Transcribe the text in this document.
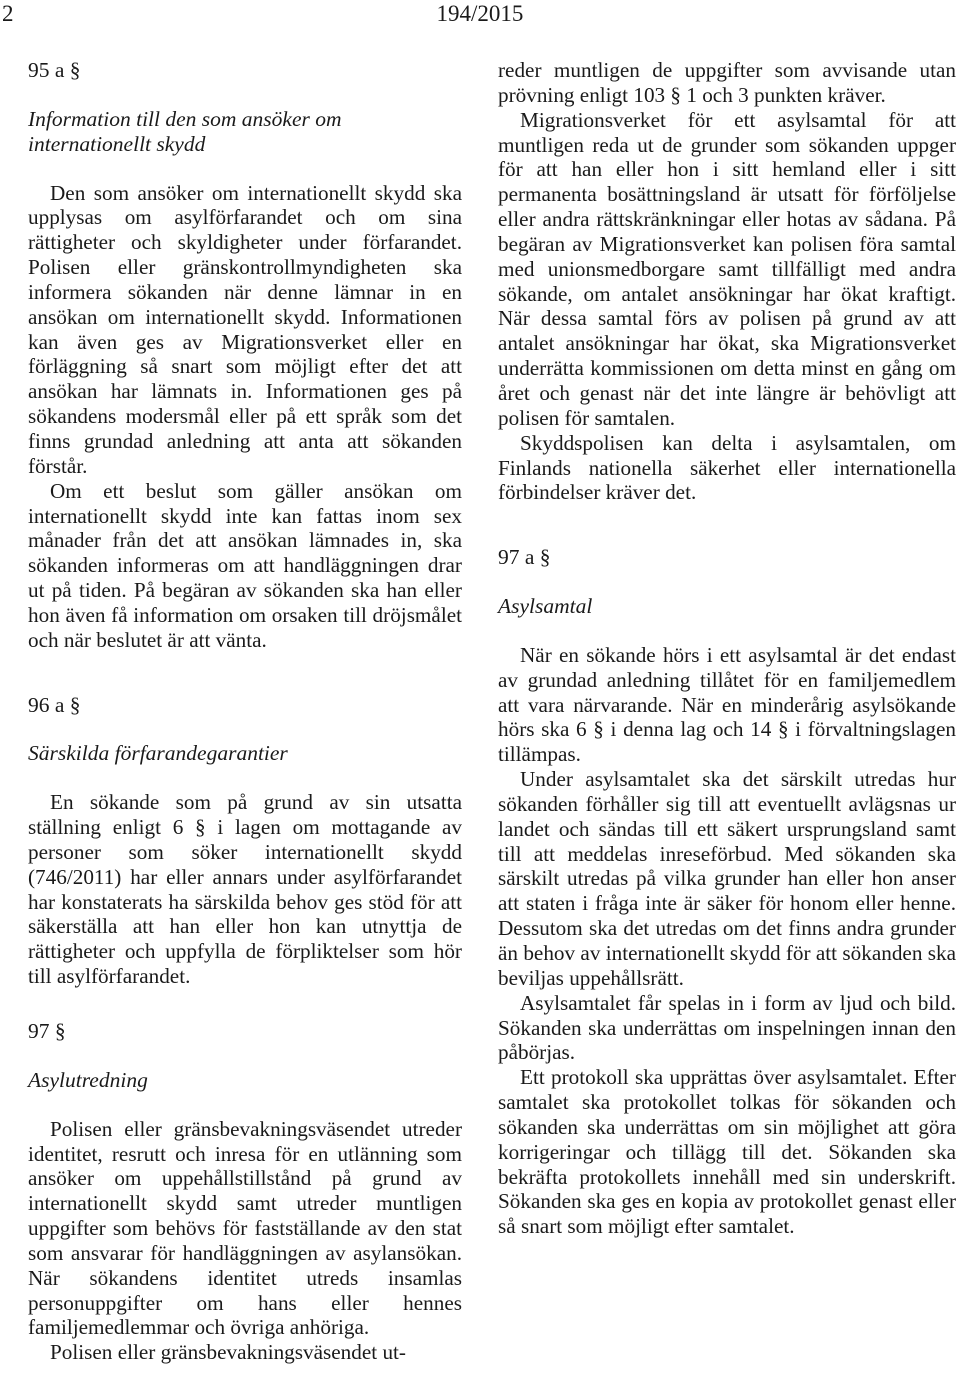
2	194/2015

95 a §

Information till den som ansöker om

internationellt skydd

Den som ansöker om internationellt skydd ska upplysas om asylförfarandet och om sina rättigheter och skyldigheter under förfarandet. Polisen eller gränskontrollmyndigheten ska informera sökanden när denne lämnar in en ansökan om internationellt skydd. Informationen kan även ges av Migrationsverket eller en förläggning så snart som möjligt efter det att ansökan har lämnats in. Informationen ges på sökandens modersmål eller på ett språk som det finns grundad anledning att anta att sökanden förstår.

Om ett beslut som gäller ansökan om internationellt skydd inte kan fattas inom sex månader från det att ansökan lämnades in, ska sökanden informeras om att handläggningen drar ut på tiden. På begäran av sökanden ska han eller hon även få information om orsaken till dröjsmålet och när beslutet är att vänta.

96 a §

Särskilda förfarandegarantier

En sökande som på grund av sin utsatta ställning enligt 6 § i lagen om mottagande av personer som söker internationellt skydd (746/2011) har eller annars under asylförfarandet har konstaterats ha särskilda behov ges stöd för att säkerställa att han eller hon kan utnyttja de rättigheter och uppfylla de förpliktelser som hör till asylförfarandet.

97 §

Asylutredning

Polisen eller gränsbevakningsväsendet utreder identitet, resrutt och inresa för en utlänning som ansöker om uppehållstillstånd på grund av internationellt skydd samt utreder muntligen uppgifter som behövs för fastställande av den stat som ansvarar för handläggningen av asylansökan. När sökandens identitet utreds insamlas personuppgifter om hans eller hennes familjemedlemmar och övriga anhöriga.

Polisen eller gränsbevakningsväsendet ut-

reder muntligen de uppgifter som avvisande utan prövning enligt 103 § 1 och 3 punkten kräver.

Migrationsverket för ett asylsamtal för att muntligen reda ut de grunder som sökanden uppger för att han eller hon i sitt hemland eller i sitt permanenta bosättningsland är utsatt för förföljelse eller andra rättskränkningar eller hotas av sådana. På begäran av Migrationsverket kan polisen föra samtal med unionsmedborgare samt tillfälligt med andra sökande, om antalet ansökningar har ökat kraftigt. När dessa samtal förs av polisen på grund av att antalet ansökningar har ökat, ska Migrationsverket underrätta kommissionen om detta minst en gång om året och genast när det inte längre är behövligt att polisen för samtalen.

Skyddspolisen kan delta i asylsamtalen, om Finlands nationella säkerhet eller internationella förbindelser kräver det.

97 a §

Asylsamtal

När en sökande hörs i ett asylsamtal är det endast av grundad anledning tillåtet för en familjemedlem att vara närvarande. När en minderårig asylsökande hörs ska 6 § i denna lag och 14 § i förvaltningslagen tillämpas.

Under asylsamtalet ska det särskilt utredas hur sökanden förhåller sig till att eventuellt avlägsnas ur landet och sändas till ett säkert ursprungsland samt till att meddelas inreseförbud. Med sökanden ska särskilt utredas på vilka grunder han eller hon anser att staten i fråga inte är säker för honom eller henne. Dessutom ska det utredas om det finns andra grunder än behov av internationellt skydd för att sökanden ska beviljas uppehållsrätt.

Asylsamtalet får spelas in i form av ljud och bild. Sökanden ska underrättas om inspelningen innan den påbörjas.

Ett protokoll ska upprättas över asylsamtalet. Efter samtalet ska protokollet tolkas för sökanden och sökanden ska underrättas om sin möjlighet att göra korrigeringar och tillägg till det. Sökanden ska bekräfta protokollets innehåll med sin underskrift. Sökanden ska ges en kopia av protokollet genast eller så snart som möjligt efter samtalet.
